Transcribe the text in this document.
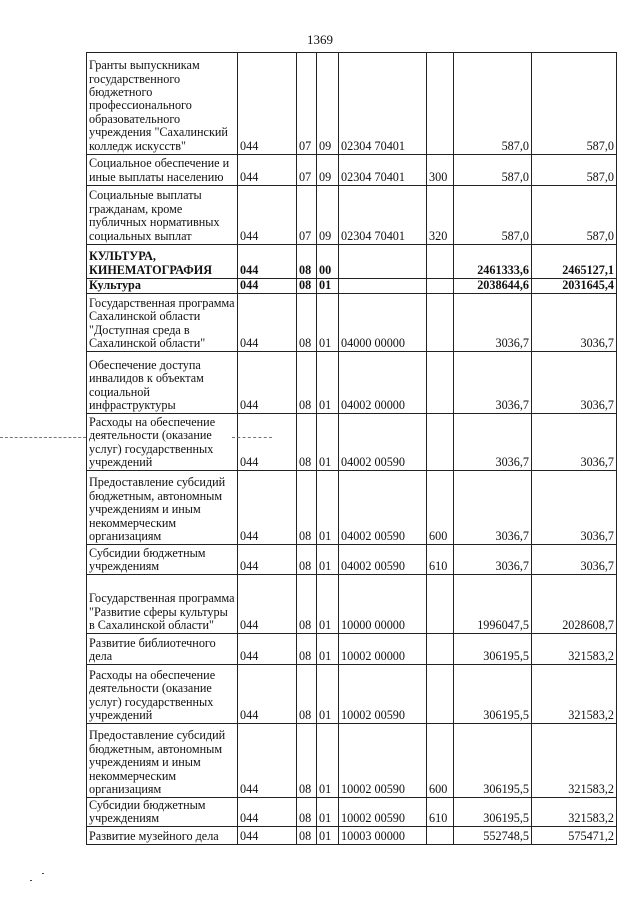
1369
Гранты выпускникам государственного бюджетного профессионального образовательного учреждения "Сахалинский колледж искусств"	044	07	09	02304 70401		587,0	587,0
Социальное обеспечение и иные выплаты населению	044	07	09	02304 70401	300	587,0	587,0
Социальные выплаты гражданам, кроме публичных нормативных социальных выплат	044	07	09	02304 70401	320	587,0	587,0
КУЛЬТУРА, КИНЕМАТОГРАФИЯ	044	08	00			2461333,6	2465127,1
Культура	044	08	01			2038644,6	2031645,4
Государственная программа Сахалинской области "Доступная среда в Сахалинской области"	044	08	01	04000 00000		3036,7	3036,7
Обеспечение доступа инвалидов к объектам социальной инфраструктуры	044	08	01	04002 00000		3036,7	3036,7
Расходы на обеспечение деятельности (оказание услуг) государственных учреждений	044	08	01	04002 00590		3036,7	3036,7
Предоставление субсидий бюджетным, автономным учреждениям и иным некоммерческим организациям	044	08	01	04002 00590	600	3036,7	3036,7
Субсидии бюджетным учреждениям	044	08	01	04002 00590	610	3036,7	3036,7
Государственная программа "Развитие сферы культуры в Сахалинской области"	044	08	01	10000 00000		1996047,5	2028608,7
Развитие библиотечного дела	044	08	01	10002 00000		306195,5	321583,2
Расходы на обеспечение деятельности (оказание услуг) государственных учреждений	044	08	01	10002 00590		306195,5	321583,2
Предоставление субсидий бюджетным, автономным учреждениям и иным некоммерческим организациям	044	08	01	10002 00590	600	306195,5	321583,2
Субсидии бюджетным учреждениям	044	08	01	10002 00590	610	306195,5	321583,2
Развитие музейного дела	044	08	01	10003 00000		552748,5	575471,2
